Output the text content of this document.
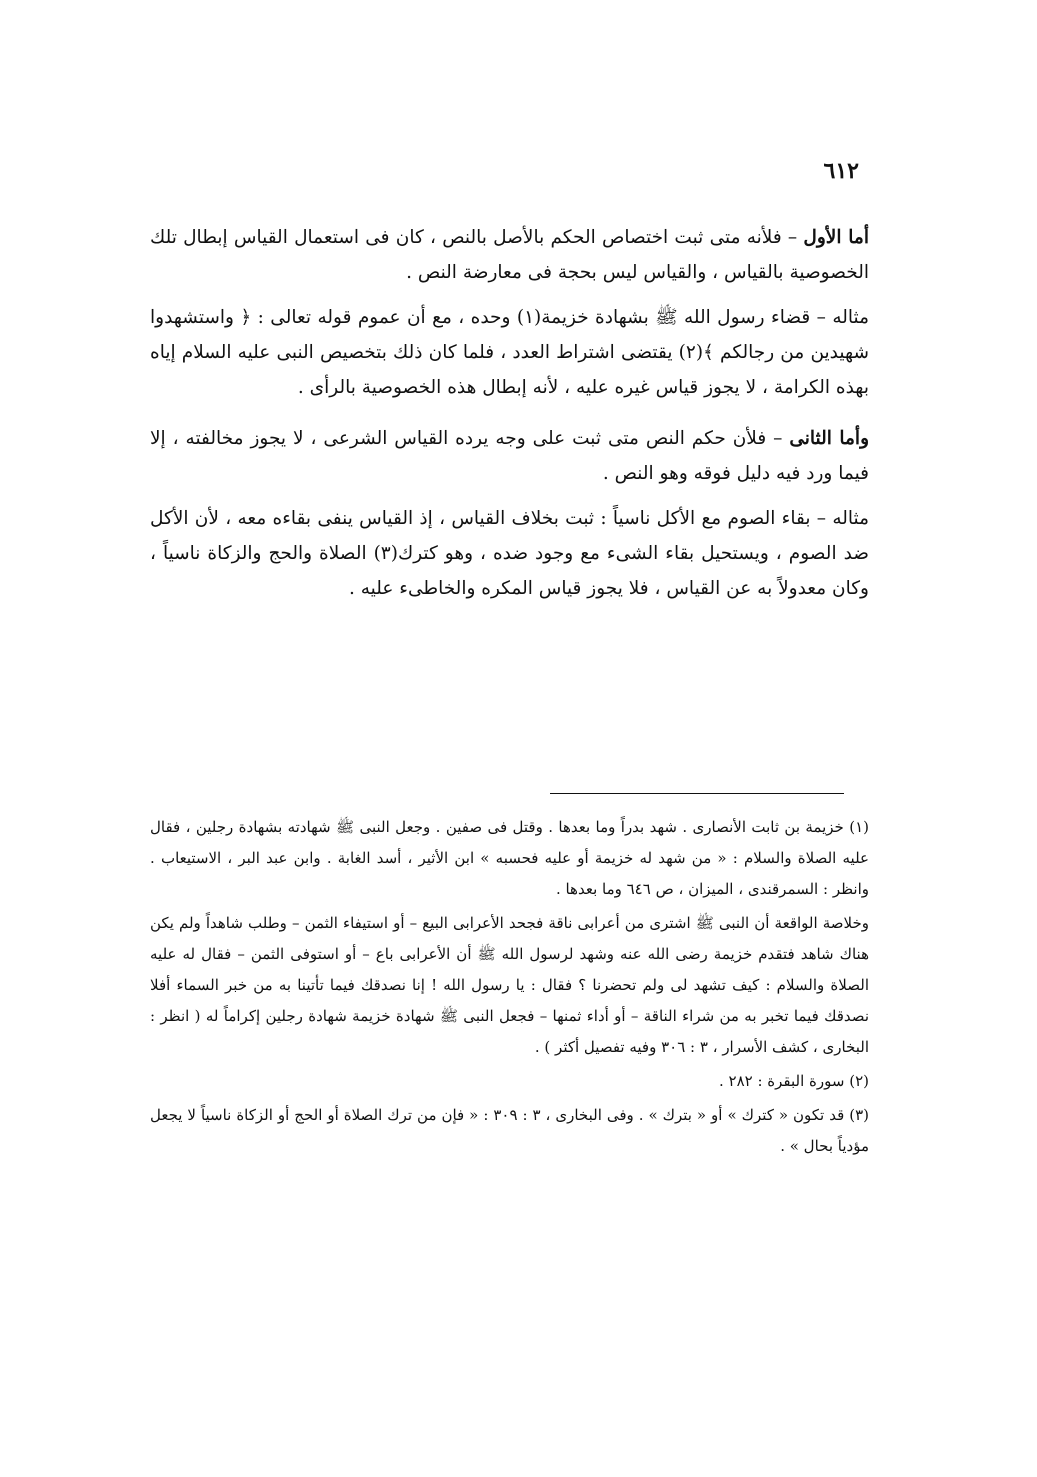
٦١٢

أما الأول – فلأنه متى ثبت اختصاص الحكم بالأصل بالنص ، كان فى استعمال القياس إبطال تلك الخصوصية بالقياس ، والقياس ليس بحجة فى معارضة النص .

مثاله – قضاء رسول الله ﷺ بشهادة خزيمة(١) وحده ، مع أن عموم قوله تعالى : ﴿ واستشهدوا شهيدين من رجالكم ﴾(٢) يقتضى اشتراط العدد ، فلما كان ذلك بتخصيص النبى عليه السلام إياه بهذه الكرامة ، لا يجوز قياس غيره عليه ، لأنه إبطال هذه الخصوصية بالرأى .

وأما الثانى – فلأن حكم النص متى ثبت على وجه يرده القياس الشرعى ، لا يجوز مخالفته ، إلا فيما ورد فيه دليل فوقه وهو النص .

مثاله – بقاء الصوم مع الأكل ناسياً : ثبت بخلاف القياس ، إذ القياس ينفى بقاءه معه ، لأن الأكل ضد الصوم ، ويستحيل بقاء الشىء مع وجود ضده ، وهو كترك(٣) الصلاة والحج والزكاة ناسياً ، وكان معدولاً به عن القياس ، فلا يجوز قياس المكره والخاطىء عليه .

(١) خزيمة بن ثابت الأنصارى . شهد بدراً وما بعدها . وقتل فى صفين . وجعل النبى ﷺ شهادته بشهادة رجلين ، فقال عليه الصلاة والسلام : « من شهد له خزيمة أو عليه فحسبه » ابن الأثير ، أسد الغابة . وابن عبد البر ، الاستيعاب . وانظر : السمرقندى ، الميزان ، ص ٦٤٦ وما بعدها .

وخلاصة الواقعة أن النبى ﷺ اشترى من أعرابى ناقة فجحد الأعرابى البيع – أو استيفاء الثمن – وطلب شاهداً ولم يكن هناك شاهد فتقدم خزيمة رضى الله عنه وشهد لرسول الله ﷺ أن الأعرابى باع – أو استوفى الثمن – فقال له عليه الصلاة والسلام : كيف تشهد لى ولم تحضرنا ؟ فقال : يا رسول الله ! إنا نصدقك فيما تأتينا به من خبر السماء أفلا نصدقك فيما تخبر به من شراء الناقة – أو أداء ثمنها – فجعل النبى ﷺ شهادة خزيمة شهادة رجلين إكراماً له ( انظر : البخارى ، كشف الأسرار ، ٣ : ٣٠٦ وفيه تفصيل أكثر ) .

(٢) سورة البقرة : ٢٨٢ .

(٣) قد تكون « كترك » أو « بترك » . وفى البخارى ، ٣ : ٣٠٩ : « فإن من ترك الصلاة أو الحج أو الزكاة ناسياً لا يجعل مؤدياً بحال » .
